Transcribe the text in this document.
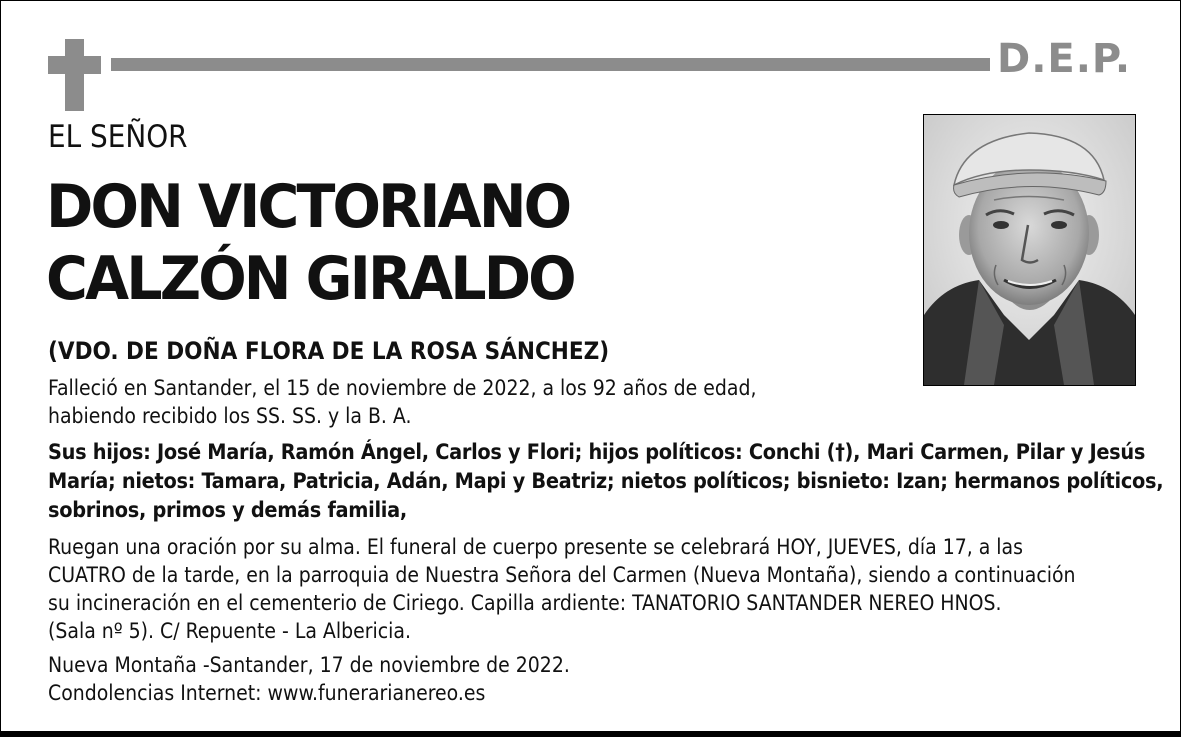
D.E.P.
EL SEÑOR
DON VICTORIANO
CALZÓN GIRALDO
(VDO. DE DOÑA FLORA DE LA ROSA SÁNCHEZ)

Falleció en Santander, el 15 de noviembre de 2022, a los 92 años de edad,

habiendo recibido los SS. SS. y la B. A.

Sus hijos: José María, Ramón Ángel, Carlos y Flori; hijos políticos: Conchi (†), Mari Carmen, Pilar y Jesús

María; nietos: Tamara, Patricia, Adán, Mapi y Beatriz; nietos políticos; bisnieto: Izan; hermanos políticos,

sobrinos, primos y demás familia,

Ruegan una oración por su alma. El funeral de cuerpo presente se celebrará HOY, JUEVES, día 17, a las

CUATRO de la tarde, en la parroquia de Nuestra Señora del Carmen (Nueva Montaña), siendo a continuación

su incineración en el cementerio de Ciriego. Capilla ardiente: TANATORIO SANTANDER NEREO HNOS.

(Sala nº 5). C/ Repuente - La Albericia.

Nueva Montaña -Santander, 17 de noviembre de 2022.

Condolencias Internet: www.funerarianereo.es
